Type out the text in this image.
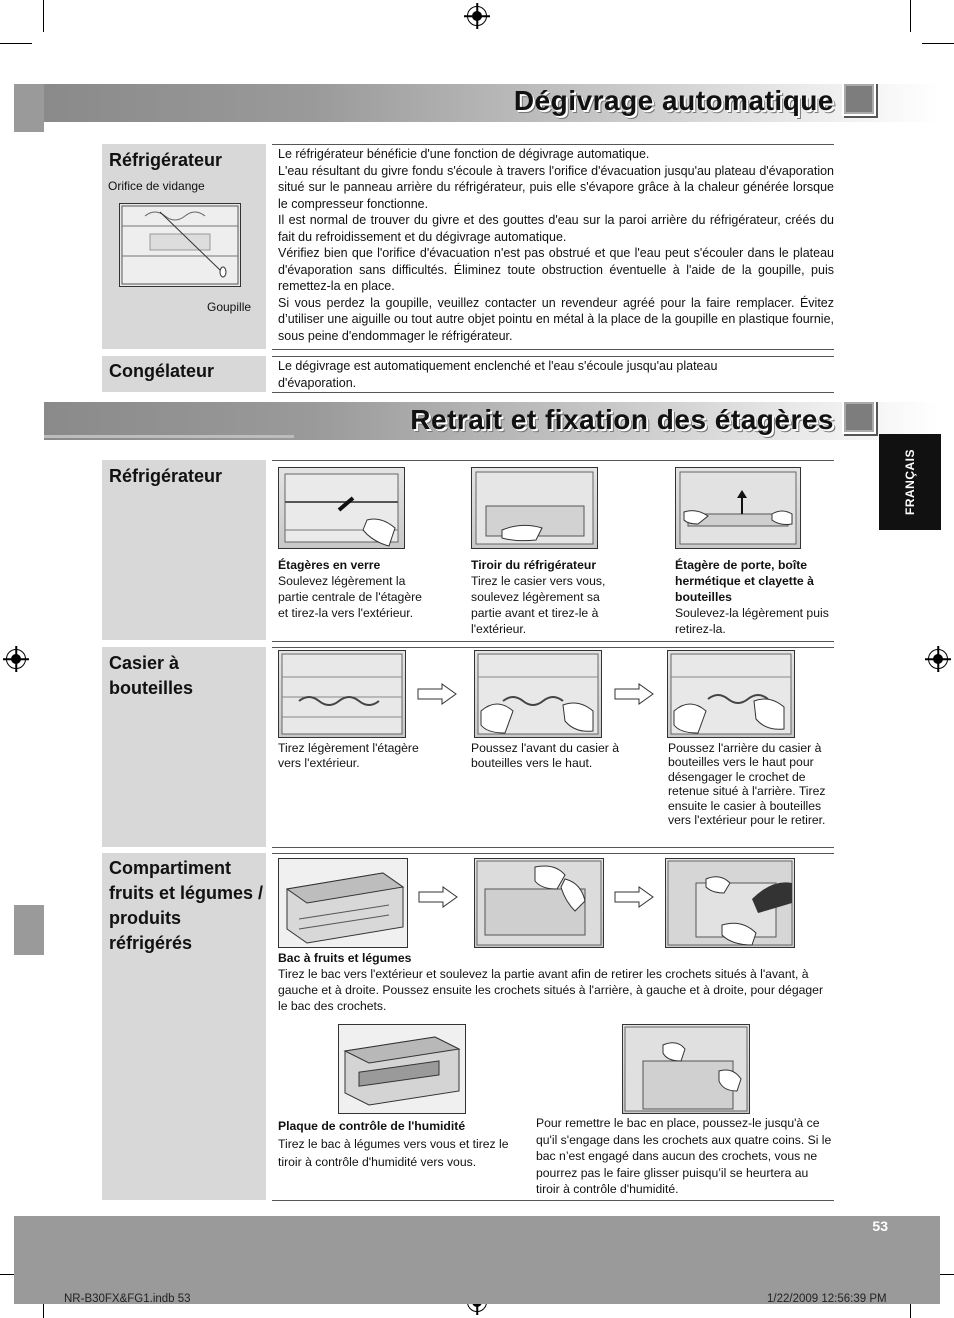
Dégivrage automatique
Réfrigérateur
Orifice de vidange
Goupille
Le réfrigérateur bénéficie d'une fonction de dégivrage automatique.
L'eau résultant du givre fondu s'écoule à travers l'orifice d'évacuation jusqu'au plateau d'évaporation situé sur le panneau arrière du réfrigérateur, puis elle s'évapore grâce à la chaleur générée lorsque le compresseur fonctionne.
Il est normal de trouver du givre et des gouttes d'eau sur la paroi arrière du réfrigérateur, créés du fait du refroidissement et du dégivrage automatique.
Vérifiez bien que l'orifice d'évacuation n'est pas obstrué et que l'eau peut s'écouler dans le plateau d'évaporation sans difficultés. Éliminez toute obstruction éventuelle à l'aide de la goupille, puis remettez-la en place.
Si vous perdez la goupille, veuillez contacter un revendeur agréé pour la faire remplacer. Évitez d’utiliser une aiguille ou tout autre objet pointu en métal à la place de la goupille en plastique fournie, sous peine d'endommager le réfrigérateur.
Congélateur	Le dégivrage est automatiquement enclenché et l'eau s'écoule jusqu'au plateau d'évaporation.
Retrait et fixation des étagères
FRANÇAIS
Réfrigérateur
Étagères en verre
Soulevez légèrement la partie centrale de l'étagère et tirez-la vers l'extérieur.
Tiroir du réfrigérateur
Tirez le casier vers vous, soulevez légèrement sa partie avant et tirez-le à l'extérieur.
Étagère de porte, boîte hermétique et clayette à bouteilles
Soulevez-la légèrement puis retirez-la.
Casier à bouteilles
Tirez légèrement l'étagère vers l'extérieur.
Poussez l'avant du casier à bouteilles vers le haut.
Poussez l'arrière du casier à bouteilles vers le haut pour désengager le crochet de retenue situé à l'arrière. Tirez ensuite le casier à bouteilles vers l'extérieur pour le retirer.
Compartiment fruits et légumes / produits réfrigérés
Bac à fruits et légumes
Tirez le bac vers l'extérieur et soulevez la partie avant afin de retirer les crochets situés à l'avant, à gauche et à droite. Poussez ensuite les crochets situés à l'arrière, à gauche et à droite, pour dégager le bac des crochets.
Plaque de contrôle de l'humidité
Tirez le bac à légumes vers vous et tirez le tiroir à contrôle d'humidité vers vous.
Pour remettre le bac en place, poussez-le jusqu'à ce qu'il s'engage dans les crochets aux quatre coins. Si le bac n’est engagé dans aucun des crochets, vous ne pourrez pas le faire glisser puisqu’il se heurtera au tiroir à contrôle d'humidité.
53
NR-B30FX&FG1.indb 53	1/22/2009 12:56:39 PM
